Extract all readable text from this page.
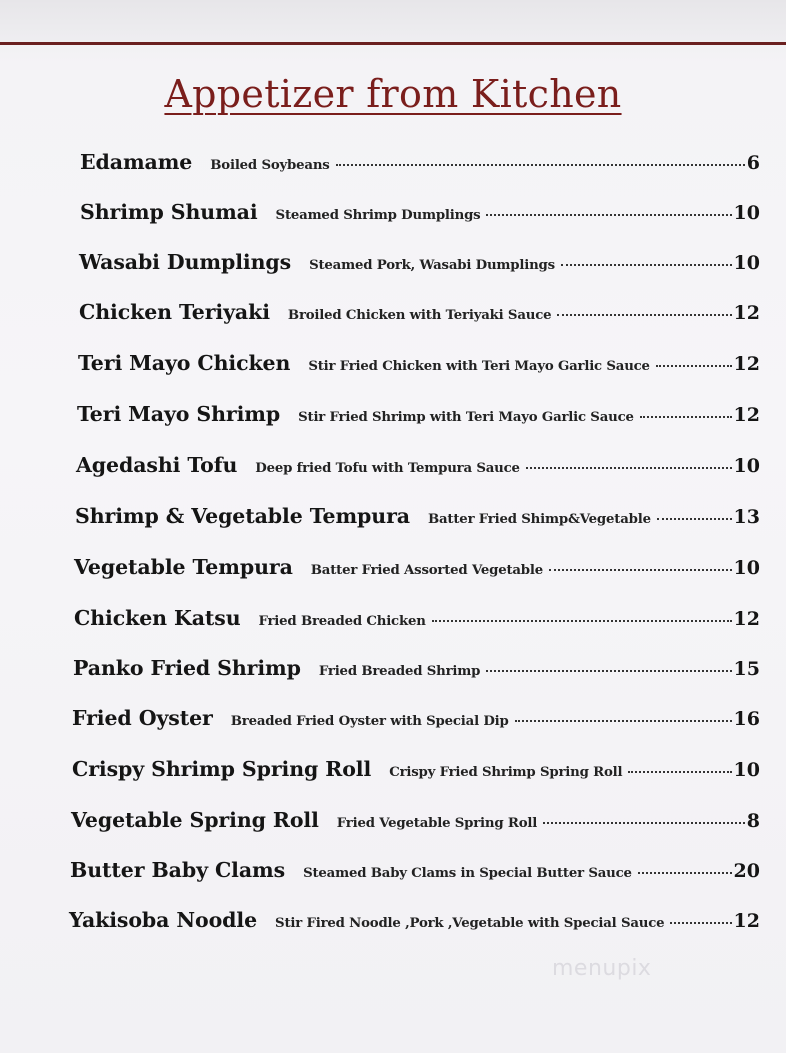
Appetizer from Kitchen
Edamame Boiled Soybeans	6
Shrimp Shumai Steamed Shrimp Dumplings	10
Wasabi Dumplings Steamed Pork, Wasabi Dumplings	10
Chicken Teriyaki Broiled Chicken with Teriyaki Sauce	12
Teri Mayo Chicken Stir Fried Chicken with Teri Mayo Garlic Sauce	12
Teri Mayo Shrimp Stir Fried Shrimp with Teri Mayo Garlic Sauce	12
Agedashi Tofu Deep fried Tofu with Tempura Sauce	10
Shrimp & Vegetable Tempura Batter Fried Shimp&Vegetable	13
Vegetable Tempura Batter Fried Assorted Vegetable	10
Chicken Katsu Fried Breaded Chicken	12
Panko Fried Shrimp Fried Breaded Shrimp	15
Fried Oyster Breaded Fried Oyster with Special Dip	16
Crispy Shrimp Spring Roll Crispy Fried Shrimp Spring Roll	10
Vegetable Spring Roll Fried Vegetable Spring Roll	8
Butter Baby Clams Steamed Baby Clams in Special Butter Sauce	20
Yakisoba Noodle Stir Fired Noodle ,Pork ,Vegetable with Special Sauce	12
menupix
